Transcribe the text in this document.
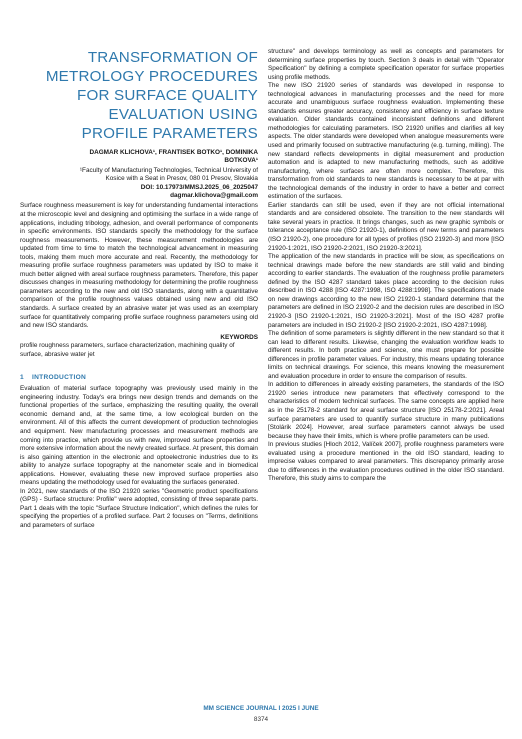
TRANSFORMATION OF
METROLOGY PROCEDURES
FOR SURFACE QUALITY
EVALUATION USING
PROFILE PARAMETERS
DAGMAR KLICHOVA¹, FRANTISEK BOTKO¹, DOMINIKA
BOTKOVA¹
¹Faculty of Manufacturing Technologies, Technical University of
Kosice with a Seat in Presov, 080 01 Presov, Slovakia
DOI: 10.17973/MMSJ.2025_06_2025047
dagmar.klichova@gmail.com

Surface roughness measurement is key for understanding fundamental interactions at the microscopic level and designing and optimising the surface in a wide range of applications, including tribology, adhesion, and overall performance of components in specific environments. ISO standards specify the methodology for the surface roughness measurements. However, these measurement methodologies are updated from time to time to match the technological advancement in measuring tools, making them much more accurate and real. Recently, the methodology for measuring profile surface roughness parameters was updated by ISO to make it much better aligned with areal surface roughness parameters. Therefore, this paper discusses changes in measuring methodology for determining the profile roughness parameters according to the new and old ISO standards, along with a quantitative comparison of the profile roughness values obtained using new and old ISO standards. A surface created by an abrasive water jet was used as an exemplary surface for quantitatively comparing profile surface roughness parameters using old and new ISO standards.

KEYWORDS

profile roughness parameters, surface characterization, machining quality of surface, abrasive water jet

1 INTRODUCTION

Evaluation of material surface topography was previously used mainly in the engineering industry. Today's era brings new design trends and demands on the functional properties of the surface, emphasizing the resulting quality, the overall economic demand and, at the same time, a low ecological burden on the environment. All of this affects the current development of production technologies and equipment. New manufacturing processes and measurement methods are coming into practice, which provide us with new, improved surface properties and more extensive information about the newly created surface. At present, this domain is also gaining attention in the electronic and optoelectronic industries due to its ability to analyze surface topography at the nanometer scale and in biomedical applications. However, evaluating these new improved surface properties also means updating the methodology used for evaluating the surfaces generated.

In 2021, new standards of the ISO 21920 series "Geometric product specifications (GPS) - Surface structure: Profile" were adopted, consisting of three separate parts. Part 1 deals with the topic "Surface Structure Indication", which defines the rules for specifying the properties of a profiled surface. Part 2 focuses on "Terms, definitions and parameters of surface

structure" and develops terminology as well as concepts and parameters for determining surface properties by touch. Section 3 deals in detail with "Operator Specification" by defining a complete specification operator for surface properties using profile methods.

The new ISO 21920 series of standards was developed in response to technological advances in manufacturing processes and the need for more accurate and unambiguous surface roughness evaluation. Implementing these standards ensures greater accuracy, consistency and efficiency in surface texture evaluation. Older standards contained inconsistent definitions and different methodologies for calculating parameters. ISO 21920 unifies and clarifies all key aspects. The older standards were developed when analogue measurements were used and primarily focused on subtractive manufacturing (e.g. turning, milling). The new standard reflects developments in digital measurement and production automation and is adapted to new manufacturing methods, such as additive manufacturing, where surfaces are often more complex. Therefore, this transformation from old standards to new standards is necessary to be at par with the technological demands of the industry in order to have a better and correct estimation of the surfaces.

Earlier standards can still be used, even if they are not official international standards and are considered obsolete. The transition to the new standards will take several years in practice. It brings changes, such as new graphic symbols or tolerance acceptance rule (ISO 21920-1), definitions of new terms and parameters (ISO 21920-2), one procedure for all types of profiles (ISO 21920-3) and more [ISO 21920-1:2021, ISO 21920-2:2021, ISO 21920-3:2021].

The application of the new standards in practice will be slow, as specifications on technical drawings made before the new standards are still valid and binding according to earlier standards. The evaluation of the roughness profile parameters defined by the ISO 4287 standard takes place according to the decision rules described in ISO 4288 [ISO 4287:1998, ISO 4288:1998]. The specifications made on new drawings according to the new ISO 21920-1 standard determine that the parameters are defined in ISO 21920-2 and the decision rules are described in ISO 21920-3 [ISO 21920-1:2021, ISO 21920-3:2021]. Most of the ISO 4287 profile parameters are included in ISO 21920-2 [ISO 21920-2:2021, ISO 4287:1998].

The definition of some parameters is slightly different in the new standard so that it can lead to different results. Likewise, changing the evaluation workflow leads to different results. In both practice and science, one must prepare for possible differences in profile parameter values. For industry, this means updating tolerance limits on technical drawings. For science, this means knowing the measurement and evaluation procedure in order to ensure the comparison of results.

In addition to differences in already existing parameters, the standards of the ISO 21920 series introduce new parameters that effectively correspond to the characteristics of modern technical surfaces. The same concepts are applied here as in the 25178-2 standard for areal surface structure [ISO 25178-2:2021]. Areal surface parameters are used to quantify surface structure in many publications [Stolárik 2024]. However, areal surface parameters cannot always be used because they have their limits, which is where profile parameters can be used.

In previous studies [Hloch 2012, Valíček 2007], profile roughness parameters were evaluated using a procedure mentioned in the old ISO standard, leading to imprecise values compared to areal parameters. This discrepancy primarily arose due to differences in the evaluation procedures outlined in the older ISO standard. Therefore, this study aims to compare the

MM SCIENCE JOURNAL I 2025 I JUNE
8374
